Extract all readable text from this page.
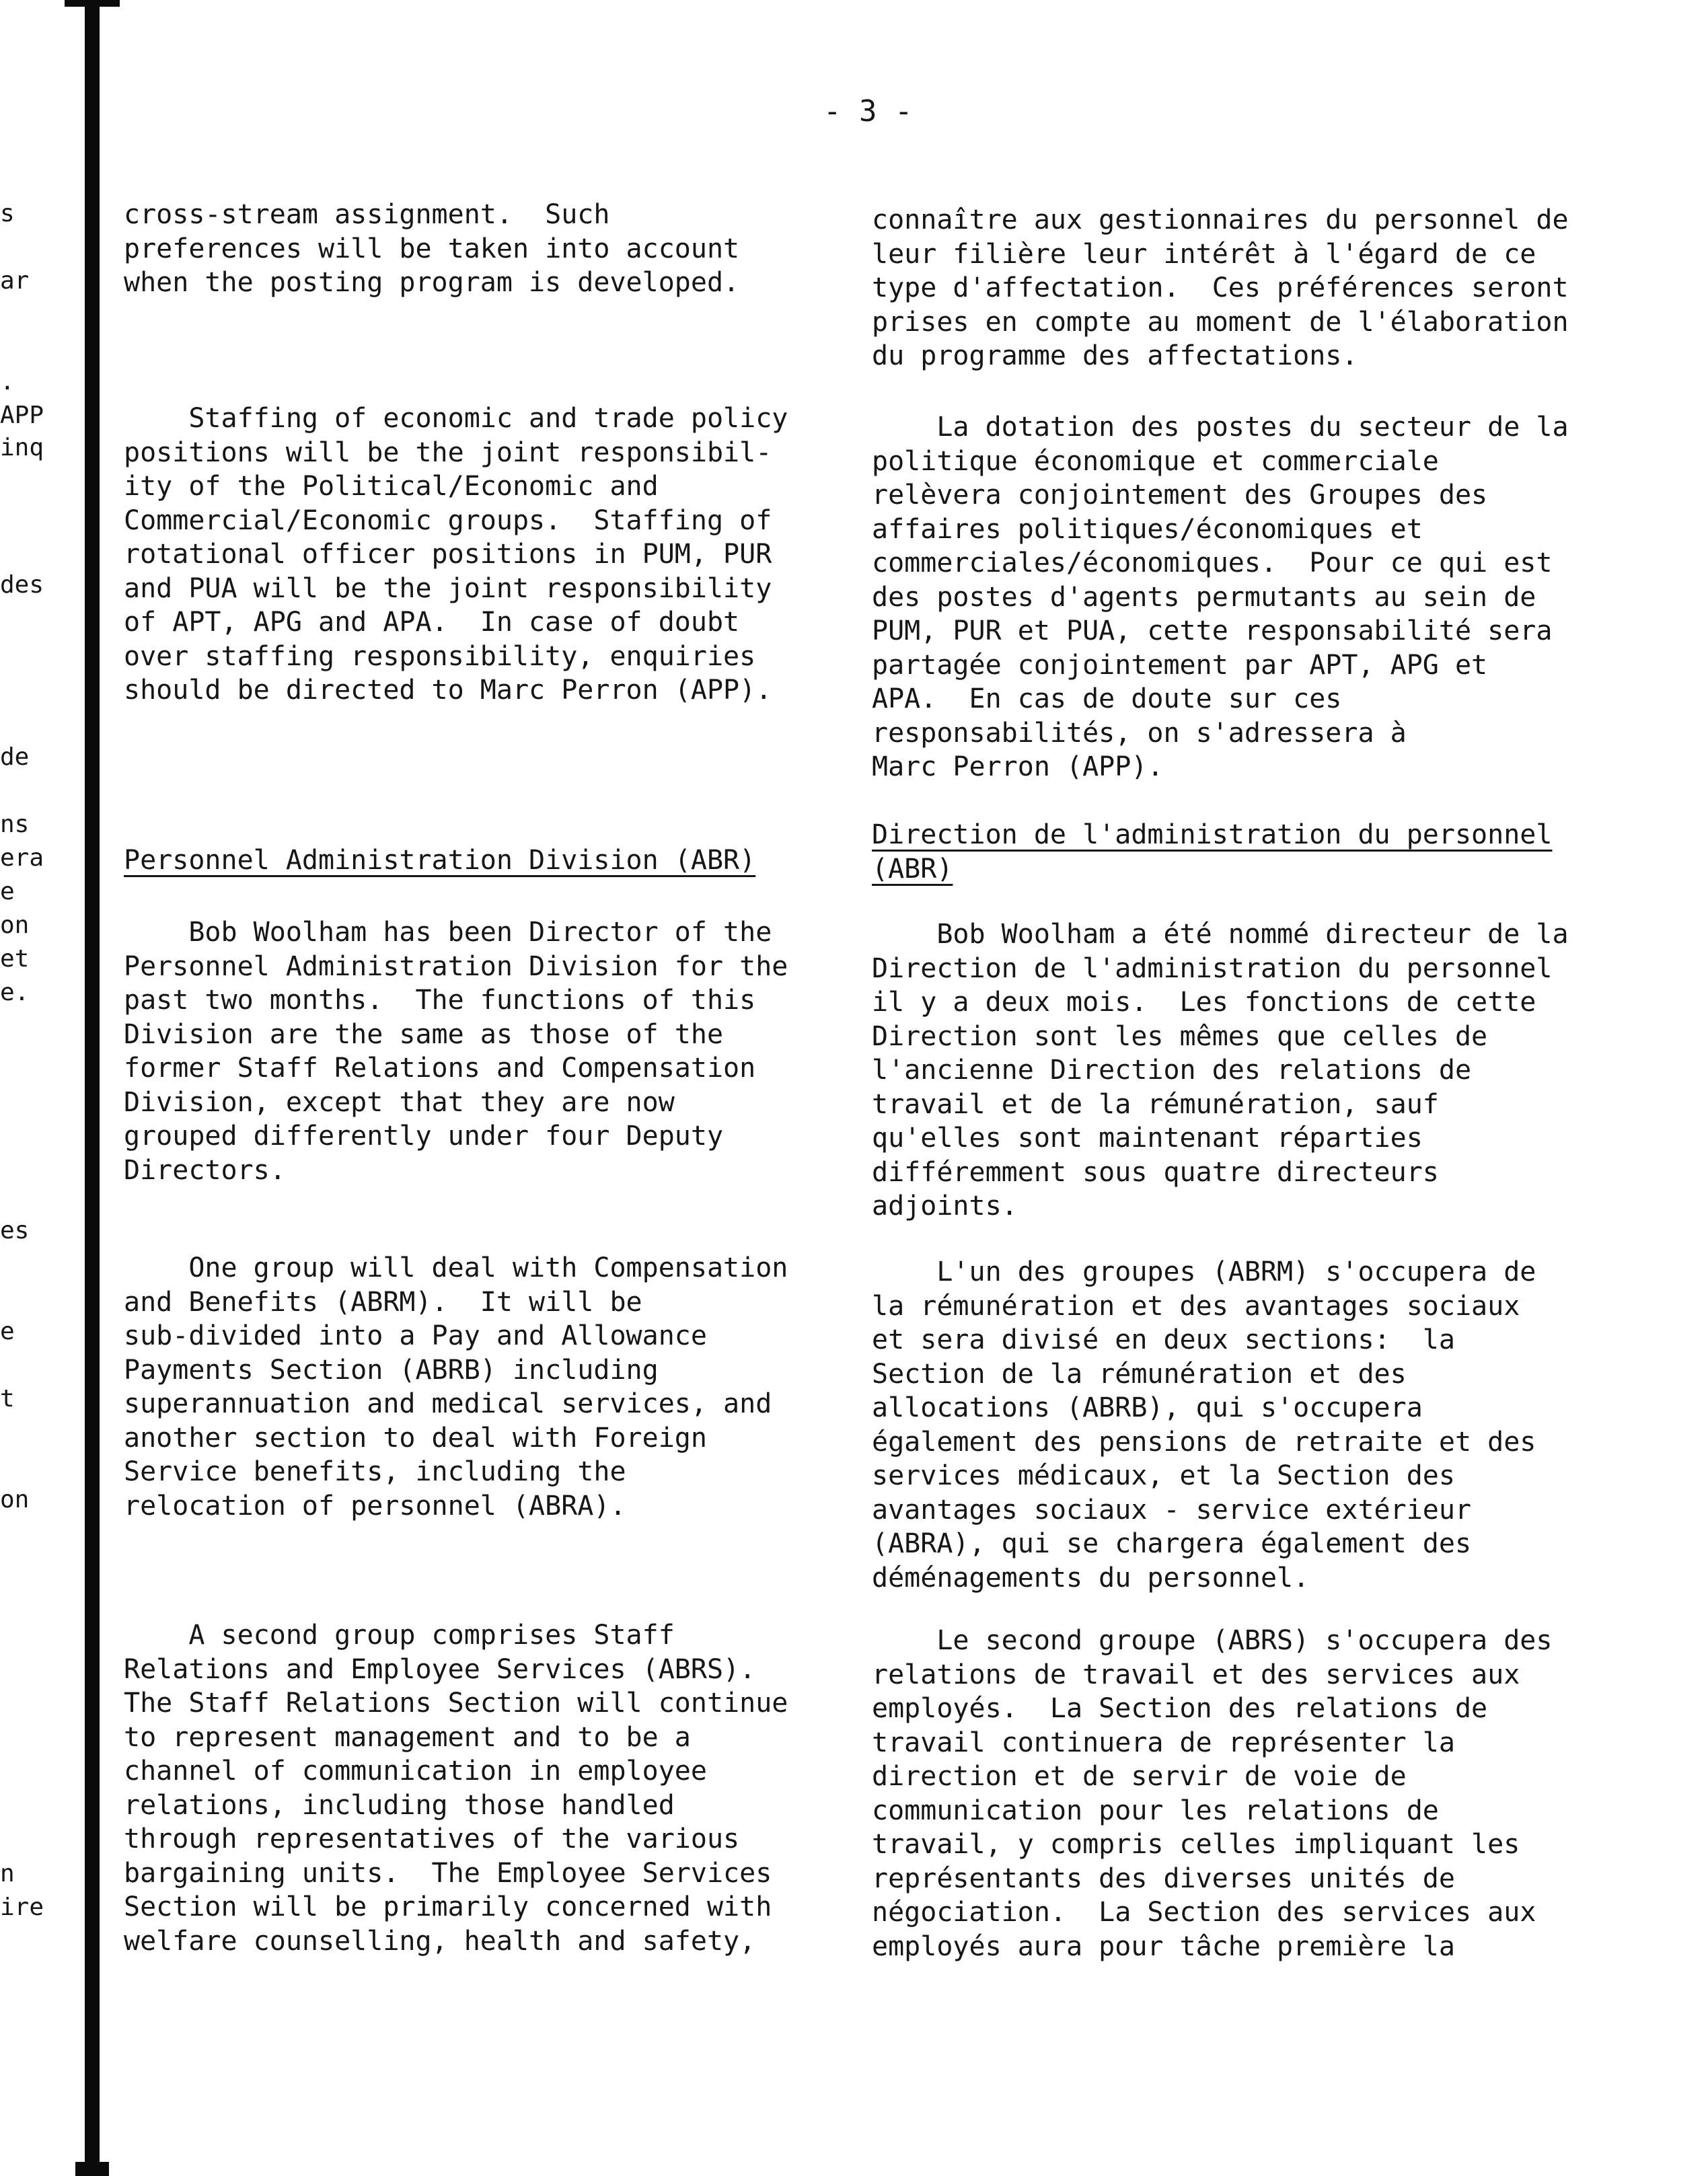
- 3 -
s
ar
.
APP
inq
des
de
ns
era
e
on
et
e.
es
e
t
on
n
ire
cross-stream assignment.  Such
preferences will be taken into account
when the posting program is developed.
Staffing of economic and trade policy
positions will be the joint responsibil-
ity of the Political/Economic and
Commercial/Economic groups.  Staffing of
rotational officer positions in PUM, PUR
and PUA will be the joint responsibility
of APT, APG and APA.  In case of doubt
over staffing responsibility, enquiries
should be directed to Marc Perron (APP).
Personnel Administration Division (ABR)
Bob Woolham has been Director of the
Personnel Administration Division for the
past two months.  The functions of this
Division are the same as those of the
former Staff Relations and Compensation
Division, except that they are now
grouped differently under four Deputy
Directors.
One group will deal with Compensation
and Benefits (ABRM).  It will be
sub-divided into a Pay and Allowance
Payments Section (ABRB) including
superannuation and medical services, and
another section to deal with Foreign
Service benefits, including the
relocation of personnel (ABRA).
A second group comprises Staff
Relations and Employee Services (ABRS).
The Staff Relations Section will continue
to represent management and to be a
channel of communication in employee
relations, including those handled
through representatives of the various
bargaining units.  The Employee Services
Section will be primarily concerned with
welfare counselling, health and safety,
connaître aux gestionnaires du personnel de
leur filière leur intérêt à l'égard de ce
type d'affectation.  Ces préférences seront
prises en compte au moment de l'élaboration
du programme des affectations.
La dotation des postes du secteur de la
politique économique et commerciale
relèvera conjointement des Groupes des
affaires politiques/économiques et
commerciales/économiques.  Pour ce qui est
des postes d'agents permutants au sein de
PUM, PUR et PUA, cette responsabilité sera
partagée conjointement par APT, APG et
APA.  En cas de doute sur ces
responsabilités, on s'adressera à
Marc Perron (APP).
Direction de l'administration du personnel
(ABR)
Bob Woolham a été nommé directeur de la
Direction de l'administration du personnel
il y a deux mois.  Les fonctions de cette
Direction sont les mêmes que celles de
l'ancienne Direction des relations de
travail et de la rémunération, sauf
qu'elles sont maintenant réparties
différemment sous quatre directeurs
adjoints.
L'un des groupes (ABRM) s'occupera de
la rémunération et des avantages sociaux
et sera divisé en deux sections:  la
Section de la rémunération et des
allocations (ABRB), qui s'occupera
également des pensions de retraite et des
services médicaux, et la Section des
avantages sociaux - service extérieur
(ABRA), qui se chargera également des
déménagements du personnel.
Le second groupe (ABRS) s'occupera des
relations de travail et des services aux
employés.  La Section des relations de
travail continuera de représenter la
direction et de servir de voie de
communication pour les relations de
travail, y compris celles impliquant les
représentants des diverses unités de
négociation.  La Section des services aux
employés aura pour tâche première la
